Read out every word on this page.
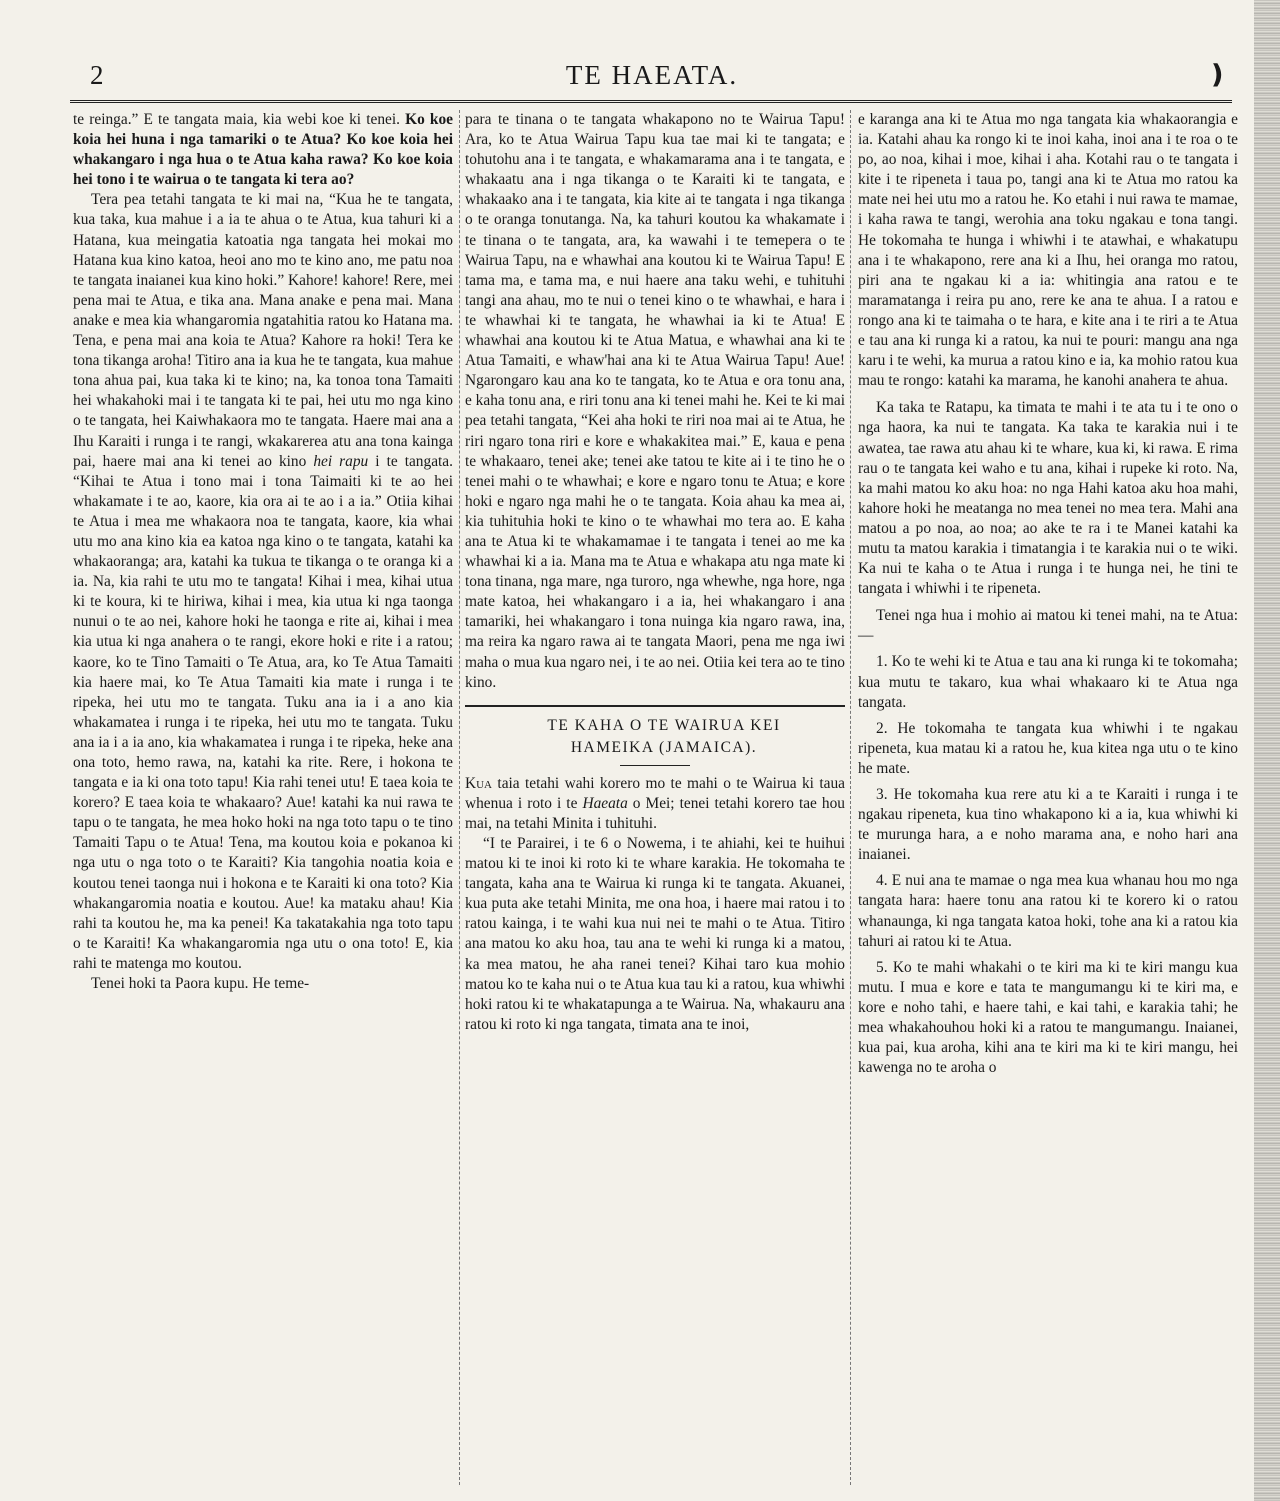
2	TE HAEATA.	❫

te reinga.” E te tangata maia, kia webi koe ki tenei. Ko koe koia hei huna i nga tamariki o te Atua? Ko koe koia hei whakangaro i nga hua o te Atua kaha rawa? Ko koe koia hei tono i te wairua o te tangata ki tera ao?

Tera pea tetahi tangata te ki mai na, “Kua he te tangata, kua taka, kua mahue i a ia te ahua o te Atua, kua tahuri ki a Hatana, kua meingatia katoatia nga tangata hei mokai mo Hatana kua kino katoa, heoi ano mo te kino ano, me patu noa te tangata inaianei kua kino hoki.” Kahore! kahore! Rere, mei pena mai te Atua, e tika ana. Mana anake e pena mai. Mana anake e mea kia whangaromia ngatahitia ratou ko Hatana ma. Tena, e pena mai ana koia te Atua? Kahore ra hoki! Tera ke tona tikanga aroha! Titiro ana ia kua he te tangata, kua mahue tona ahua pai, kua taka ki te kino; na, ka tonoa tona Tamaiti hei whakahoki mai i te tangata ki te pai, hei utu mo nga kino o te tangata, hei Kaiwhakaora mo te tangata. Haere mai ana a Ihu Karaiti i runga i te rangi, wkakarerea atu ana tona kainga pai, haere mai ana ki tenei ao kino hei rapu i te tangata. “Kihai te Atua i tono mai i tona Taimaiti ki te ao hei whakamate i te ao, kaore, kia ora ai te ao i a ia.” Otiia kihai te Atua i mea me whakaora noa te tangata, kaore, kia whai utu mo ana kino kia ea katoa nga kino o te tangata, katahi ka whakaoranga; ara, katahi ka tukua te tikanga o te oranga ki a ia. Na, kia rahi te utu mo te tangata! Kihai i mea, kihai utua ki te koura, ki te hiriwa, kihai i mea, kia utua ki nga taonga nunui o te ao nei, kahore hoki he taonga e rite ai, kihai i mea kia utua ki nga anahera o te rangi, ekore hoki e rite i a ratou; kaore, ko te Tino Tamaiti o Te Atua, ara, ko Te Atua Tamaiti kia haere mai, ko Te Atua Tamaiti kia mate i runga i te ripeka, hei utu mo te tangata. Tuku ana ia i a ano kia whakamatea i runga i te ripeka, hei utu mo te tangata. Tuku ana ia i a ia ano, kia whakamatea i runga i te ripeka, heke ana ona toto, hemo rawa, na, katahi ka rite. Rere, i hokona te tangata e ia ki ona toto tapu! Kia rahi tenei utu! E taea koia te korero? E taea koia te whakaaro? Aue! katahi ka nui rawa te tapu o te tangata, he mea hoko hoki na nga toto tapu o te tino Tamaiti Tapu o te Atua! Tena, ma koutou koia e pokanoa ki nga utu o nga toto o te Karaiti? Kia tangohia noatia koia e koutou tenei taonga nui i hokona e te Karaiti ki ona toto? Kia whakangaromia noatia e koutou. Aue! ka mataku ahau! Kia rahi ta koutou he, ma ka penei! Ka takatakahia nga toto tapu o te Karaiti! Ka whakangaromia nga utu o ona toto! E, kia rahi te matenga mo koutou.

Tenei hoki ta Paora kupu. He teme-

para te tinana o te tangata whakapono no te Wairua Tapu! Ara, ko te Atua Wairua Tapu kua tae mai ki te tangata; e tohutohu ana i te tangata, e whakamarama ana i te tangata, e whakaatu ana i nga tikanga o te Karaiti ki te tangata, e whakaako ana i te tangata, kia kite ai te tangata i nga tikanga o te oranga tonutanga. Na, ka tahuri koutou ka whakamate i te tinana o te tangata, ara, ka wawahi i te temepera o te Wairua Tapu, na e whawhai ana koutou ki te Wairua Tapu! E tama ma, e tama ma, e nui haere ana taku wehi, e tuhituhi tangi ana ahau, mo te nui o tenei kino o te whawhai, e hara i te whawhai ki te tangata, he whawhai ia ki te Atua! E whawhai ana koutou ki te Atua Matua, e whawhai ana ki te Atua Tamaiti, e whaw'hai ana ki te Atua Wairua Tapu! Aue! Ngarongaro kau ana ko te tangata, ko te Atua e ora tonu ana, e kaha tonu ana, e riri tonu ana ki tenei mahi he. Kei te ki mai pea tetahi tangata, “Kei aha hoki te riri noa mai ai te Atua, he riri ngaro tona riri e kore e whakakitea mai.” E, kaua e pena te whakaaro, tenei ake; tenei ake tatou te kite ai i te tino he o tenei mahi o te whawhai; e kore e ngaro tonu te Atua; e kore hoki e ngaro nga mahi he o te tangata. Koia ahau ka mea ai, kia tuhituhia hoki te kino o te whawhai mo tera ao. E kaha ana te Atua ki te whakamamae i te tangata i tenei ao me ka whawhai ki a ia. Mana ma te Atua e whakapa atu nga mate ki tona tinana, nga mare, nga turoro, nga whewhe, nga hore, nga mate katoa, hei whakangaro i a ia, hei whakangaro i ana tamariki, hei whakangaro i tona nuinga kia ngaro rawa, ina, ma reira ka ngaro rawa ai te tangata Maori, pena me nga iwi maha o mua kua ngaro nei, i te ao nei. Otiia kei tera ao te tino kino.

TE KAHA O TE WAIRUA KEI

HAMEIKA (JAMAICA).

Kua taia tetahi wahi korero mo te mahi o te Wairua ki taua whenua i roto i te Haeata o Mei; tenei tetahi korero tae hou mai, na tetahi Minita i tuhituhi.

“I te Parairei, i te 6 o Nowema, i te ahiahi, kei te huihui matou ki te inoi ki roto ki te whare karakia. He tokomaha te tangata, kaha ana te Wairua ki runga ki te tangata. Akuanei, kua puta ake tetahi Minita, me ona hoa, i haere mai ratou i to ratou kainga, i te wahi kua nui nei te mahi o te Atua. Titiro ana matou ko aku hoa, tau ana te wehi ki runga ki a matou, ka mea matou, he aha ranei tenei? Kihai taro kua mohio matou ko te kaha nui o te Atua kua tau ki a ratou, kua whiwhi hoki ratou ki te whakatapunga a te Wairua. Na, whakauru ana ratou ki roto ki nga tangata, timata ana te inoi,

e karanga ana ki te Atua mo nga tangata kia whakaorangia e ia. Katahi ahau ka rongo ki te inoi kaha, inoi ana i te roa o te po, ao noa, kihai i moe, kihai i aha. Kotahi rau o te tangata i kite i te ripeneta i taua po, tangi ana ki te Atua mo ratou ka mate nei hei utu mo a ratou he. Ko etahi i nui rawa te mamae, i kaha rawa te tangi, werohia ana toku ngakau e tona tangi. He tokomaha te hunga i whiwhi i te atawhai, e whakatupu ana i te whakapono, rere ana ki a Ihu, hei oranga mo ratou, piri ana te ngakau ki a ia: whitingia ana ratou e te maramatanga i reira pu ano, rere ke ana te ahua. I a ratou e rongo ana ki te taimaha o te hara, e kite ana i te riri a te Atua e tau ana ki runga ki a ratou, ka nui te pouri: mangu ana nga karu i te wehi, ka murua a ratou kino e ia, ka mohio ratou kua mau te rongo: katahi ka marama, he kanohi anahera te ahua.

Ka taka te Ratapu, ka timata te mahi i te ata tu i te ono o nga haora, ka nui te tangata. Ka taka te karakia nui i te awatea, tae rawa atu ahau ki te whare, kua ki, ki rawa. E rima rau o te tangata kei waho e tu ana, kihai i rupeke ki roto. Na, ka mahi matou ko aku hoa: no nga Hahi katoa aku hoa mahi, kahore hoki he meatanga no mea tenei no mea tera. Mahi ana matou a po noa, ao noa; ao ake te ra i te Manei katahi ka mutu ta matou karakia i timatangia i te karakia nui o te wiki. Ka nui te kaha o te Atua i runga i te hunga nei, he tini te tangata i whiwhi i te ripeneta.

Tenei nga hua i mohio ai matou ki tenei mahi, na te Atua:—

1. Ko te wehi ki te Atua e tau ana ki runga ki te tokomaha; kua mutu te takaro, kua whai whakaaro ki te Atua nga tangata.

2. He tokomaha te tangata kua whiwhi i te ngakau ripeneta, kua matau ki a ratou he, kua kitea nga utu o te kino he mate.

3. He tokomaha kua rere atu ki a te Karaiti i runga i te ngakau ripeneta, kua tino whakapono ki a ia, kua whiwhi ki te murunga hara, a e noho marama ana, e noho hari ana inaianei.

4. E nui ana te mamae o nga mea kua whanau hou mo nga tangata hara: haere tonu ana ratou ki te korero ki o ratou whanaunga, ki nga tangata katoa hoki, tohe ana ki a ratou kia tahuri ai ratou ki te Atua.

5. Ko te mahi whakahi o te kiri ma ki te kiri mangu kua mutu. I mua e kore e tata te mangumangu ki te kiri ma, e kore e noho tahi, e haere tahi, e kai tahi, e karakia tahi; he mea whakahouhou hoki ki a ratou te mangumangu. Inaianei, kua pai, kua aroha, kihi ana te kiri ma ki te kiri mangu, hei kawenga no te aroha o
